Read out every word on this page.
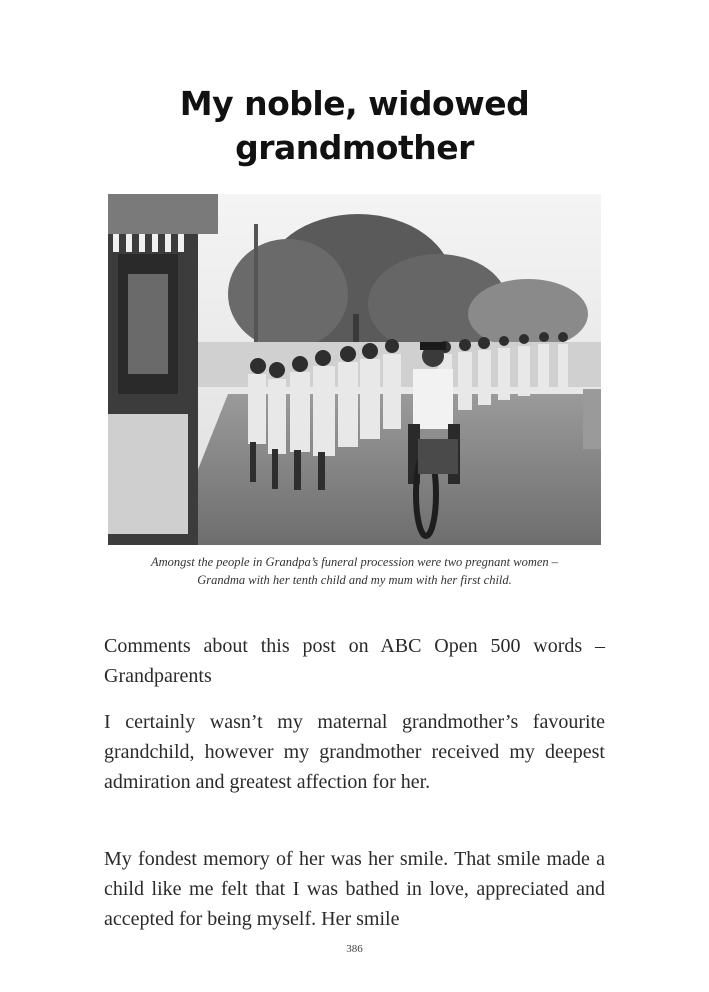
My noble, widowed grandmother

Amongst the people in Grandpa’s funeral procession were two pregnant women –
Grandma with her tenth child and my mum with her first child.

Comments about this post on ABC Open 500 words – Grandparents

I certainly wasn’t my maternal grandmother’s favourite grandchild, however my grandmother received my deepest admiration and greatest affection for her.

My fondest memory of her was her smile. That smile made a child like me felt that I was bathed in love, appreciated and accepted for being myself. Her smile

386
